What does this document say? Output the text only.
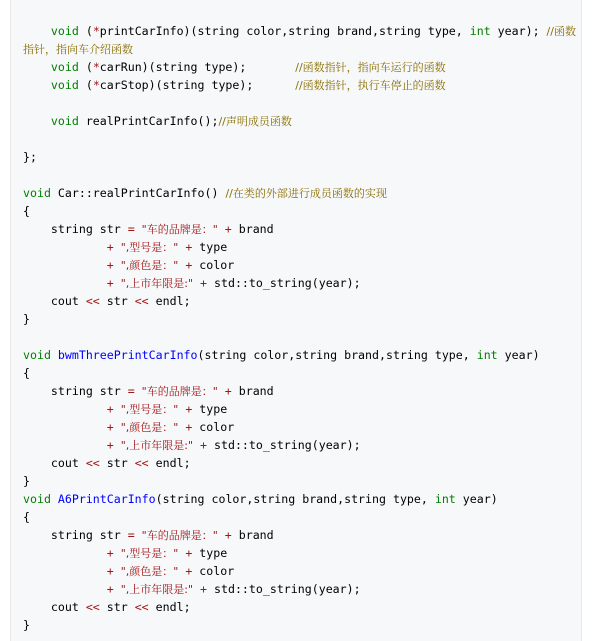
void (*printCarInfo)(string color,string brand,string type, int year); //函数
指针，指向车介绍函数
void (*carRun)(string type);       //函数指针，指向车运行的函数
void (*carStop)(string type);      //函数指针，执行车停止的函数
void realPrintCarInfo();//声明成员函数
};
void Car::realPrintCarInfo() //在类的外部进行成员函数的实现
{
string str = "车的品牌是：" + brand
+ ",型号是：" + type
+ ",颜色是：" + color
+ ",上市年限是:" + std::to_string(year);
cout << str << endl;
}
void bwmThreePrintCarInfo(string color,string brand,string type, int year)
{
string str = "车的品牌是：" + brand
+ ",型号是：" + type
+ ",颜色是：" + color
+ ",上市年限是:" + std::to_string(year);
cout << str << endl;
}
void A6PrintCarInfo(string color,string brand,string type, int year)
{
string str = "车的品牌是：" + brand
+ ",型号是：" + type
+ ",颜色是：" + color
+ ",上市年限是:" + std::to_string(year);
cout << str << endl;
}
